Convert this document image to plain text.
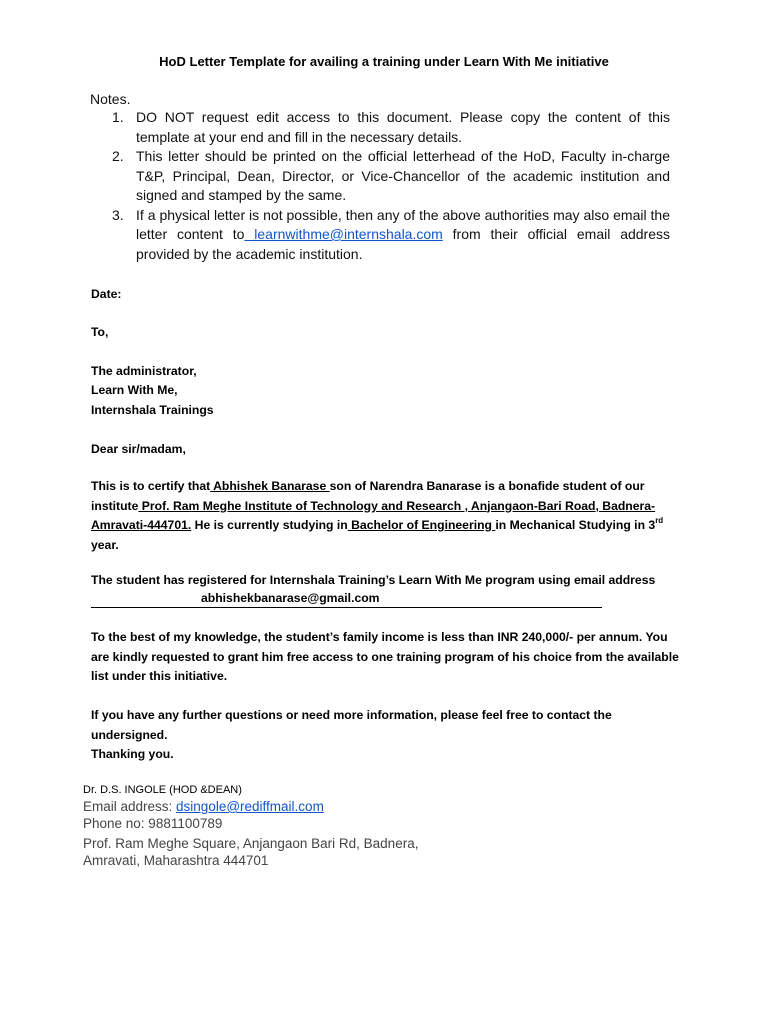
HoD Letter Template for availing a training under Learn With Me initiative
Notes.
1. DO NOT request edit access to this document. Please copy the content of this template at your end and fill in the necessary details.
2. This letter should be printed on the official letterhead of the HoD, Faculty in-charge T&P, Principal, Dean, Director, or Vice-Chancellor of the academic institution and signed and stamped by the same.
3. If a physical letter is not possible, then any of the above authorities may also email the letter content to learnwithme@internshala.com from their official email address provided by the academic institution.
Date:
To,
The administrator,
Learn With Me,
Internshala Trainings
Dear sir/madam,
This is to certify that Abhishek Banarase son of Narendra Banarase is a bonafide student of our institute Prof. Ram Meghe Institute of Technology and Research , Anjangaon-Bari Road, Badnera-Amravati-444701. He is currently studying in Bachelor of Engineering in Mechanical Studying in 3rd year.
The student has registered for Internshala Training’s Learn With Me program using email address
abhishekbanarase@gmail.com
To the best of my knowledge, the student’s family income is less than INR 240,000/- per annum. You are kindly requested to grant him free access to one training program of his choice from the available list under this initiative.
If you have any further questions or need more information, please feel free to contact the undersigned.
Thanking you.
Dr. D.S. INGOLE (HOD &DEAN)
Email address: dsingole@rediffmail.com
Phone no: 9881100789
Prof. Ram Meghe Square, Anjangaon Bari Rd, Badnera,
Amravati, Maharashtra 444701
